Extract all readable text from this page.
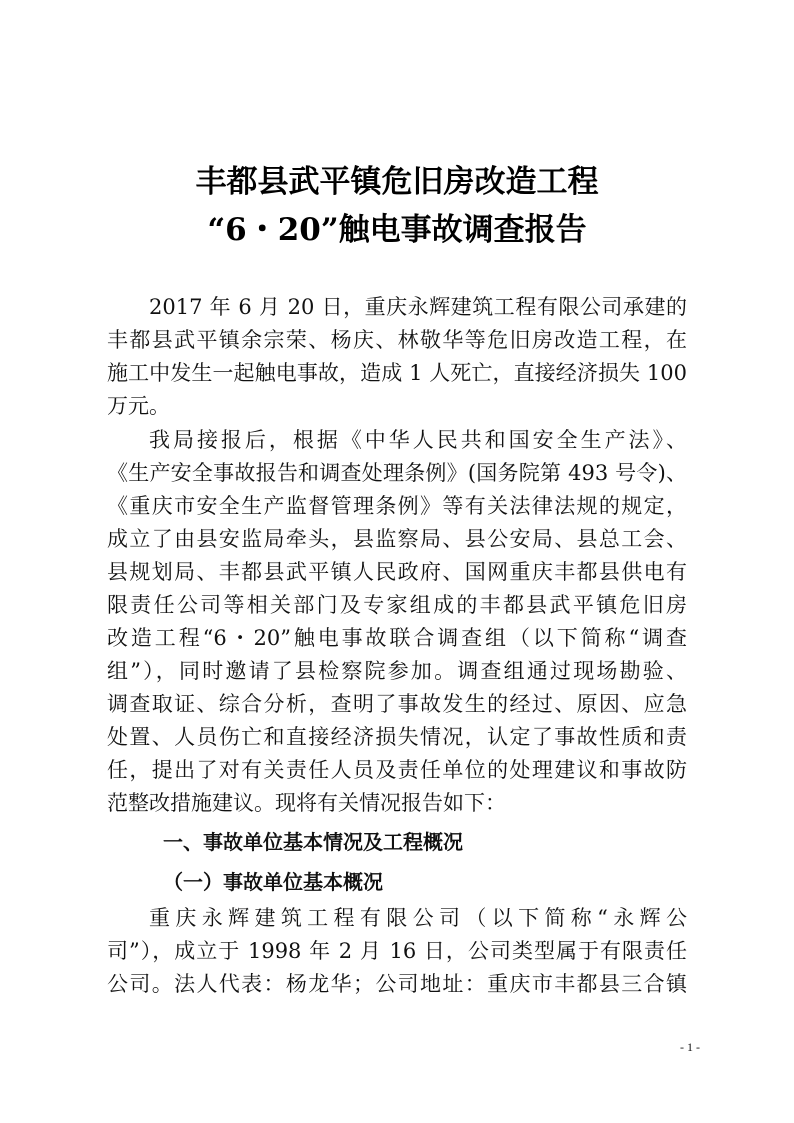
丰都县武平镇危旧房改造工程
“6・20”触电事故调查报告
2017 年 6 月 20 日，重庆永辉建筑工程有限公司承建的
丰都县武平镇余宗荣、杨庆、林敬华等危旧房改造工程，在
施工中发生一起触电事故，造成 1 人死亡，直接经济损失 100
万元。
我局接报后，根据《中华人民共和国安全生产法》、
《生产安全事故报告和调查处理条例》(国务院第 493 号令)、
《重庆市安全生产监督管理条例》等有关法律法规的规定，
成立了由县安监局牵头，县监察局、县公安局、县总工会、
县规划局、丰都县武平镇人民政府、国网重庆丰都县供电有
限责任公司等相关部门及专家组成的丰都县武平镇危旧房
改造工程“6・20”触电事故联合调查组（以下简称“调查
组”），同时邀请了县检察院参加。调查组通过现场勘验、
调查取证、综合分析，查明了事故发生的经过、原因、应急
处置、人员伤亡和直接经济损失情况，认定了事故性质和责
任，提出了对有关责任人员及责任单位的处理建议和事故防
范整改措施建议。现将有关情况报告如下：
一、事故单位基本情况及工程概况
（一）事故单位基本概况
重庆永辉建筑工程有限公司（以下简称“永辉公
司”），成立于 1998 年 2 月 16 日，公司类型属于有限责任
公司。法人代表：杨龙华；公司地址：重庆市丰都县三合镇
- 1 -
